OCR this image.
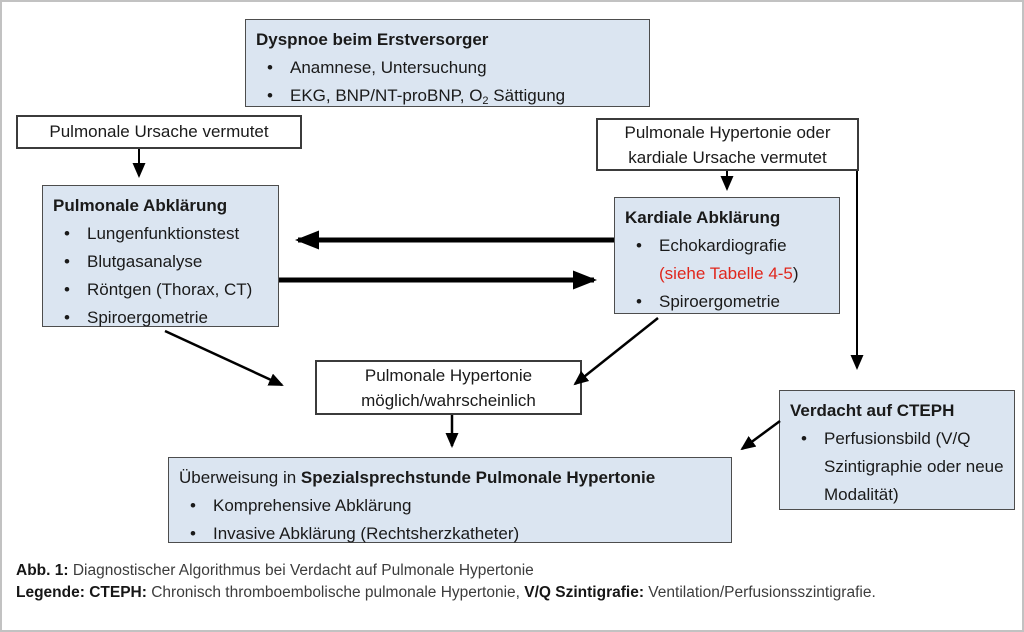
Dyspnoe beim Erstversorger
• Anamnese, Untersuchung
• EKG, BNP/NT-proBNP, $O_2$ Sättigung
Pulmonale Ursache vermutet	Pulmonale Hypertonie oder
kardiale Ursache vermutet
Pulmonale Abklärung
• Lungenfunktionstest
• Blutgasanalyse
• Röntgen (Thorax, CT)
• Spiroergometrie
Kardiale Abklärung
• Echokardiografie
(siehe Tabelle 4-5)
• Spiroergometrie
Pulmonale Hypertonie
möglich/wahrscheinlich
Verdacht auf CTEPH
• Perfusionsbild (V/Q Szintigraphie oder neue Modalität)
Überweisung in Spezialsprechstunde Pulmonale Hypertonie
• Komprehensive Abklärung
• Invasive Abklärung (Rechtsherzkatheter)
Abb. 1: Diagnostischer Algorithmus bei Verdacht auf Pulmonale Hypertonie
Legende: CTEPH: Chronisch thromboembolische pulmonale Hypertonie, V/Q Szintigrafie: Ventilation/Perfusionsszintigrafie.
